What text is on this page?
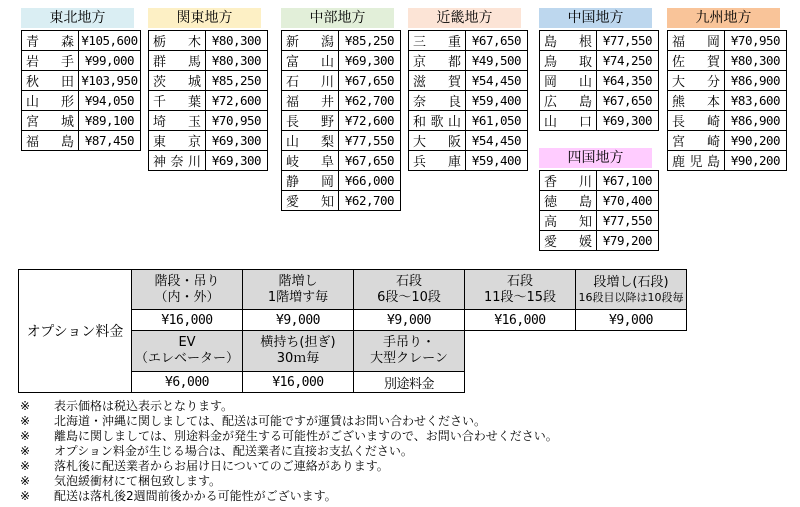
東北地方
青森	¥105,600
岩手	¥99,000
秋田	¥103,950
山形	¥94,050
宮城	¥89,100
福島	¥87,450
関東地方
栃木	¥80,300
群馬	¥80,300
茨城	¥85,250
千葉	¥72,600
埼玉	¥70,950
東京	¥69,300
神奈川	¥69,300
中部地方
新潟	¥85,250
富山	¥69,300
石川	¥67,650
福井	¥62,700
長野	¥72,600
山梨	¥77,550
岐阜	¥67,650
静岡	¥66,000
愛知	¥62,700
近畿地方
三重	¥67,650
京都	¥49,500
滋賀	¥54,450
奈良	¥59,400
和歌山	¥61,050
大阪	¥54,450
兵庫	¥59,400
中国地方
島根	¥77,550
鳥取	¥74,250
岡山	¥64,350
広島	¥67,650
山口	¥69,300
四国地方
香川	¥67,100
徳島	¥70,400
高知	¥77,550
愛媛	¥79,200
九州地方
福岡	¥70,950
佐賀	¥80,300
大分	¥86,900
熊本	¥83,600
長崎	¥86,900
宮崎	¥90,200
鹿児島	¥90,200
オプション料金	
階段・吊り
（内・外）

階増し
1階増す毎

石段
6段～10段

石段
11段～15段

段増し(石段)
16段目以降は10段毎

	¥16,000	¥9,000	¥9,000	¥16,000	¥9,000

EV
（エレベーター）

横持ち(担ぎ)
30ｍ毎

手吊り・
大型クレーン

	¥6,000	¥16,000	別途料金		
※	表示価格は税込表示となります。
※	北海道・沖縄に関しましては、配送は可能ですが運賃はお問い合わせください。
※	離島に関しましては、別途料金が発生する可能性がございますので、お問い合わせください。
※	オプション料金が生じる場合は、配送業者に直接お支払ください。
※	落札後に配送業者からお届け日についてのご連絡があります。
※	気泡緩衝材にて梱包致します。
※	配送は落札後2週間前後かかる可能性がございます。
